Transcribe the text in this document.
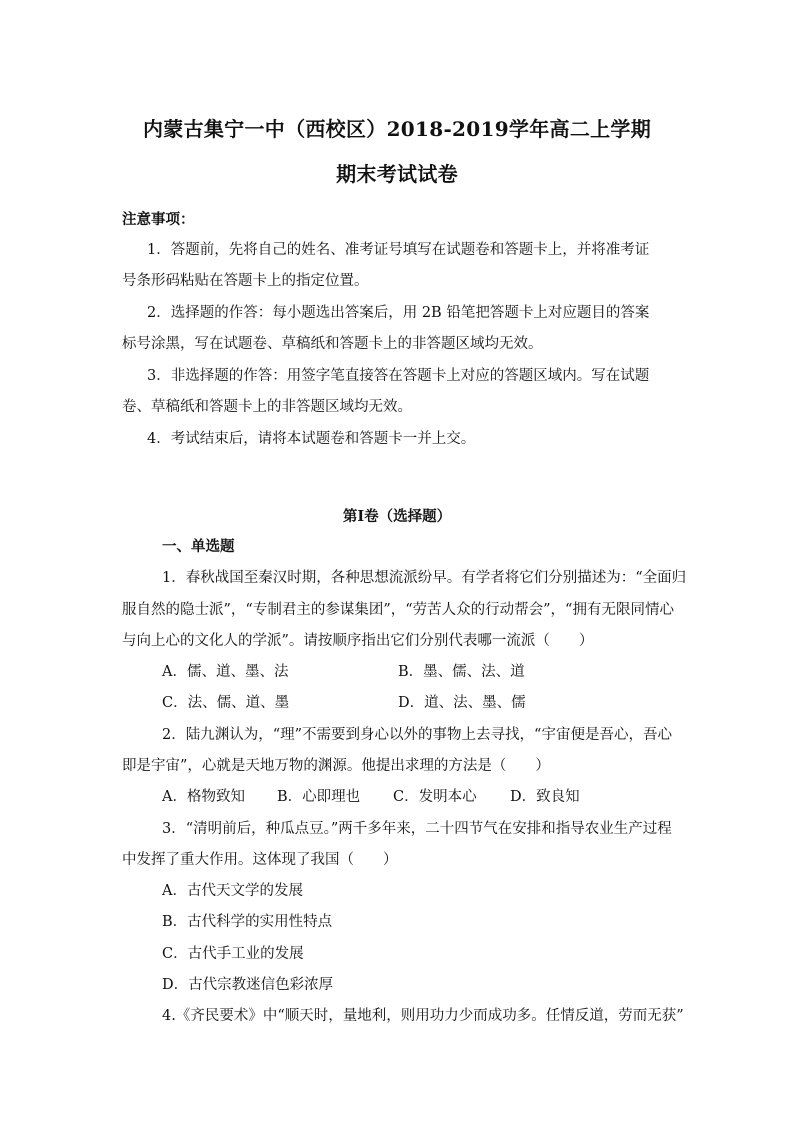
内蒙古集宁一中（西校区）2018-2019学年高二上学期
期末考试试卷
注意事项：
1．答题前，先将自己的姓名、准考证号填写在试题卷和答题卡上，并将准考证
号条形码粘贴在答题卡上的指定位置。
2．选择题的作答：每小题选出答案后，用 2B 铅笔把答题卡上对应题目的答案
标号涂黑，写在试题卷、草稿纸和答题卡上的非答题区域均无效。
3．非选择题的作答：用签字笔直接答在答题卡上对应的答题区域内。写在试题
卷、草稿纸和答题卡上的非答题区域均无效。
4．考试结束后，请将本试题卷和答题卡一并上交。
第Ⅰ卷（选择题）
一、单选题
1．春秋战国至秦汉时期，各种思想流派纷早。有学者将它们分别描述为：“全面归
服自然的隐士派”，“专制君主的参谋集团”，“劳苦人众的行动帮会”，“拥有无限同情心
与向上心的文化人的学派”。请按顺序指出它们分别代表哪一流派（　　）
A．儒、道、墨、法	B．墨、儒、法、道
C．法、儒、道、墨	D．道、法、墨、儒
2．陆九渊认为，“理”不需要到身心以外的事物上去寻找，“宇宙便是吾心，吾心
即是宇宙”，心就是天地万物的渊源。他提出求理的方法是（　　）
A．格物致知 B．心即理也 C．发明本心 D．致良知
3．“清明前后，种瓜点豆。”两千多年来，二十四节气在安排和指导农业生产过程
中发挥了重大作用。这体现了我国（　　）
A．古代天文学的发展
B．古代科学的实用性特点
C．古代手工业的发展
D．古代宗教迷信色彩浓厚
4.《齐民要术》中“顺天时，量地利，则用功力少而成功多。任情反道，劳而无获”
